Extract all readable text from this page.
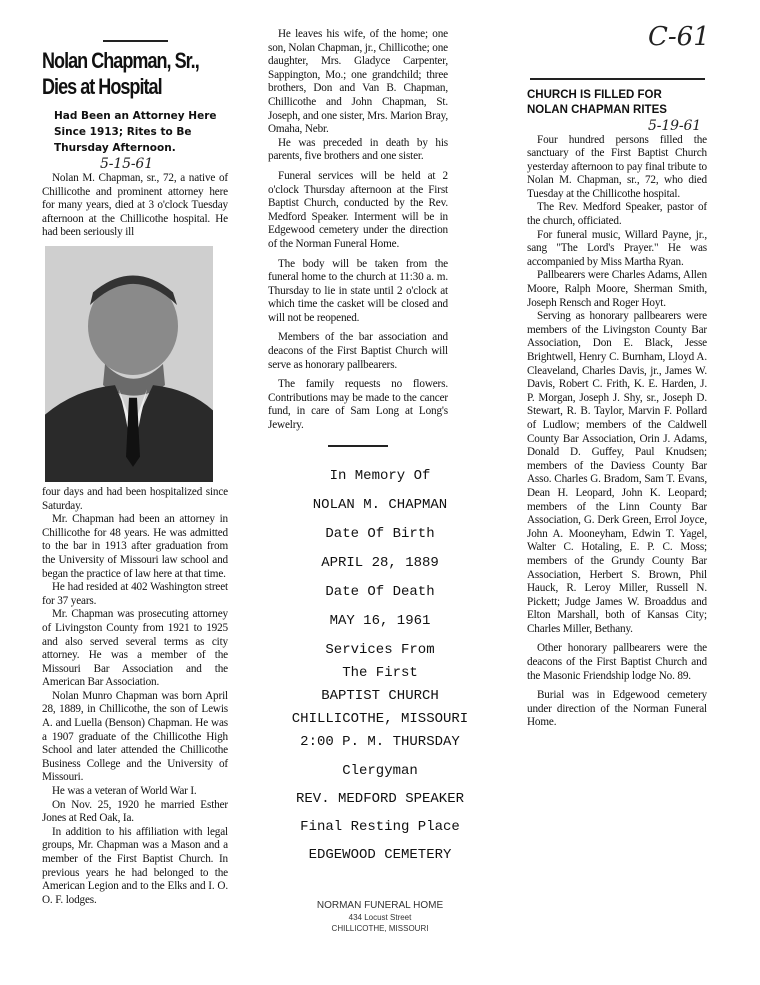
C-61
Nolan Chapman, Sr.,
Dies at Hospital
Had Been an Attorney Here Since 1913; Rites to Be Thursday Afternoon.
5-15-61

Nolan M. Chapman, sr., 72, a native of Chillicothe and prominent attorney here for many years, died at 3 o'clock Tuesday afternoon at the Chillicothe hospital. He had been seriously ill

four days and had been hospitalized since Saturday.

Mr. Chapman had been an attorney in Chillicothe for 48 years. He was admitted to the bar in 1913 after graduation from the University of Missouri law school and began the practice of law here at that time.

He had resided at 402 Washington street for 37 years.

Mr. Chapman was prosecuting attorney of Livingston County from 1921 to 1925 and also served several terms as city attorney. He was a member of the Missouri Bar Association and the American Bar Association.

Nolan Munro Chapman was born April 28, 1889, in Chillicothe, the son of Lewis A. and Luella (Benson) Chapman. He was a 1907 graduate of the Chillicothe High School and later attended the Chillicothe Business College and the University of Missouri.

He was a veteran of World War I.

On Nov. 25, 1920 he married Esther Jones at Red Oak, Ia.

In addition to his affiliation with legal groups, Mr. Chapman was a Mason and a member of the First Baptist Church. In previous years he had belonged to the American Legion and to the Elks and I. O. O. F. lodges.

He leaves his wife, of the home; one son, Nolan Chapman, jr., Chillicothe; one daughter, Mrs. Gladyce Carpenter, Sappington, Mo.; one grandchild; three brothers, Don and Van B. Chapman, Chillicothe and John Chapman, St. Joseph, and one sister, Mrs. Marion Bray, Omaha, Nebr.

He was preceded in death by his parents, five brothers and one sister.

Funeral services will be held at 2 o'clock Thursday afternoon at the First Baptist Church, conducted by the Rev. Medford Speaker. Interment will be in Edgewood cemetery under the direction of the Norman Funeral Home.

The body will be taken from the funeral home to the church at 11:30 a. m. Thursday to lie in state until 2 o'clock at which time the casket will be closed and will not be reopened.

Members of the bar association and deacons of the First Baptist Church will serve as honorary pallbearers.

The family requests no flowers. Contributions may be made to the cancer fund, in care of Sam Long at Long's Jewelry.

In Memory Of
NOLAN M. CHAPMAN
Date Of Birth
APRIL 28, 1889
Date Of Death
MAY 16, 1961
Services From
The First
BAPTIST CHURCH
CHILLICOTHE, MISSOURI
2:00 P. M. THURSDAY
Clergyman
REV. MEDFORD SPEAKER
Final Resting Place
EDGEWOOD CEMETERY
NORMAN FUNERAL HOME
434 Locust Street
CHILLICOTHE, MISSOURI
CHURCH IS FILLED FOR
NOLAN CHAPMAN RITES
5-19-61

Four hundred persons filled the sanctuary of the First Baptist Church yesterday afternoon to pay final tribute to Nolan M. Chapman, sr., 72, who died Tuesday at the Chillicothe hospital.

The Rev. Medford Speaker, pastor of the church, officiated.

For funeral music, Willard Payne, jr., sang "The Lord's Prayer." He was accompanied by Miss Martha Ryan.

Pallbearers were Charles Adams, Allen Moore, Ralph Moore, Sherman Smith, Joseph Rensch and Roger Hoyt.

Serving as honorary pallbearers were members of the Livingston County Bar Association, Don E. Black, Jesse Brightwell, Henry C. Burnham, Lloyd A. Cleaveland, Charles Davis, jr., James W. Davis, Robert C. Frith, K. E. Harden, J. P. Morgan, Joseph J. Shy, sr., Joseph D. Stewart, R. B. Taylor, Marvin F. Pollard of Ludlow; members of the Caldwell County Bar Association, Orin J. Adams, Donald D. Guffey, Paul Knudsen; members of the Daviess County Bar Asso. Charles G. Bradom, Sam T. Evans, Dean H. Leopard, John K. Leopard; members of the Linn County Bar Association, G. Derk Green, Errol Joyce, John A. Mooneyham, Edwin T. Yagel, Walter C. Hotaling, E. P. C. Moss; members of the Grundy County Bar Association, Herbert S. Brown, Phil Hauck, R. Leroy Miller, Russell N. Pickett; Judge James W. Broaddus and Elton Marshall, both of Kansas City; Charles Miller, Bethany.

Other honorary pallbearers were the deacons of the First Baptist Church and the Masonic Friendship lodge No. 89.

Burial was in Edgewood cemetery under direction of the Norman Funeral Home.
